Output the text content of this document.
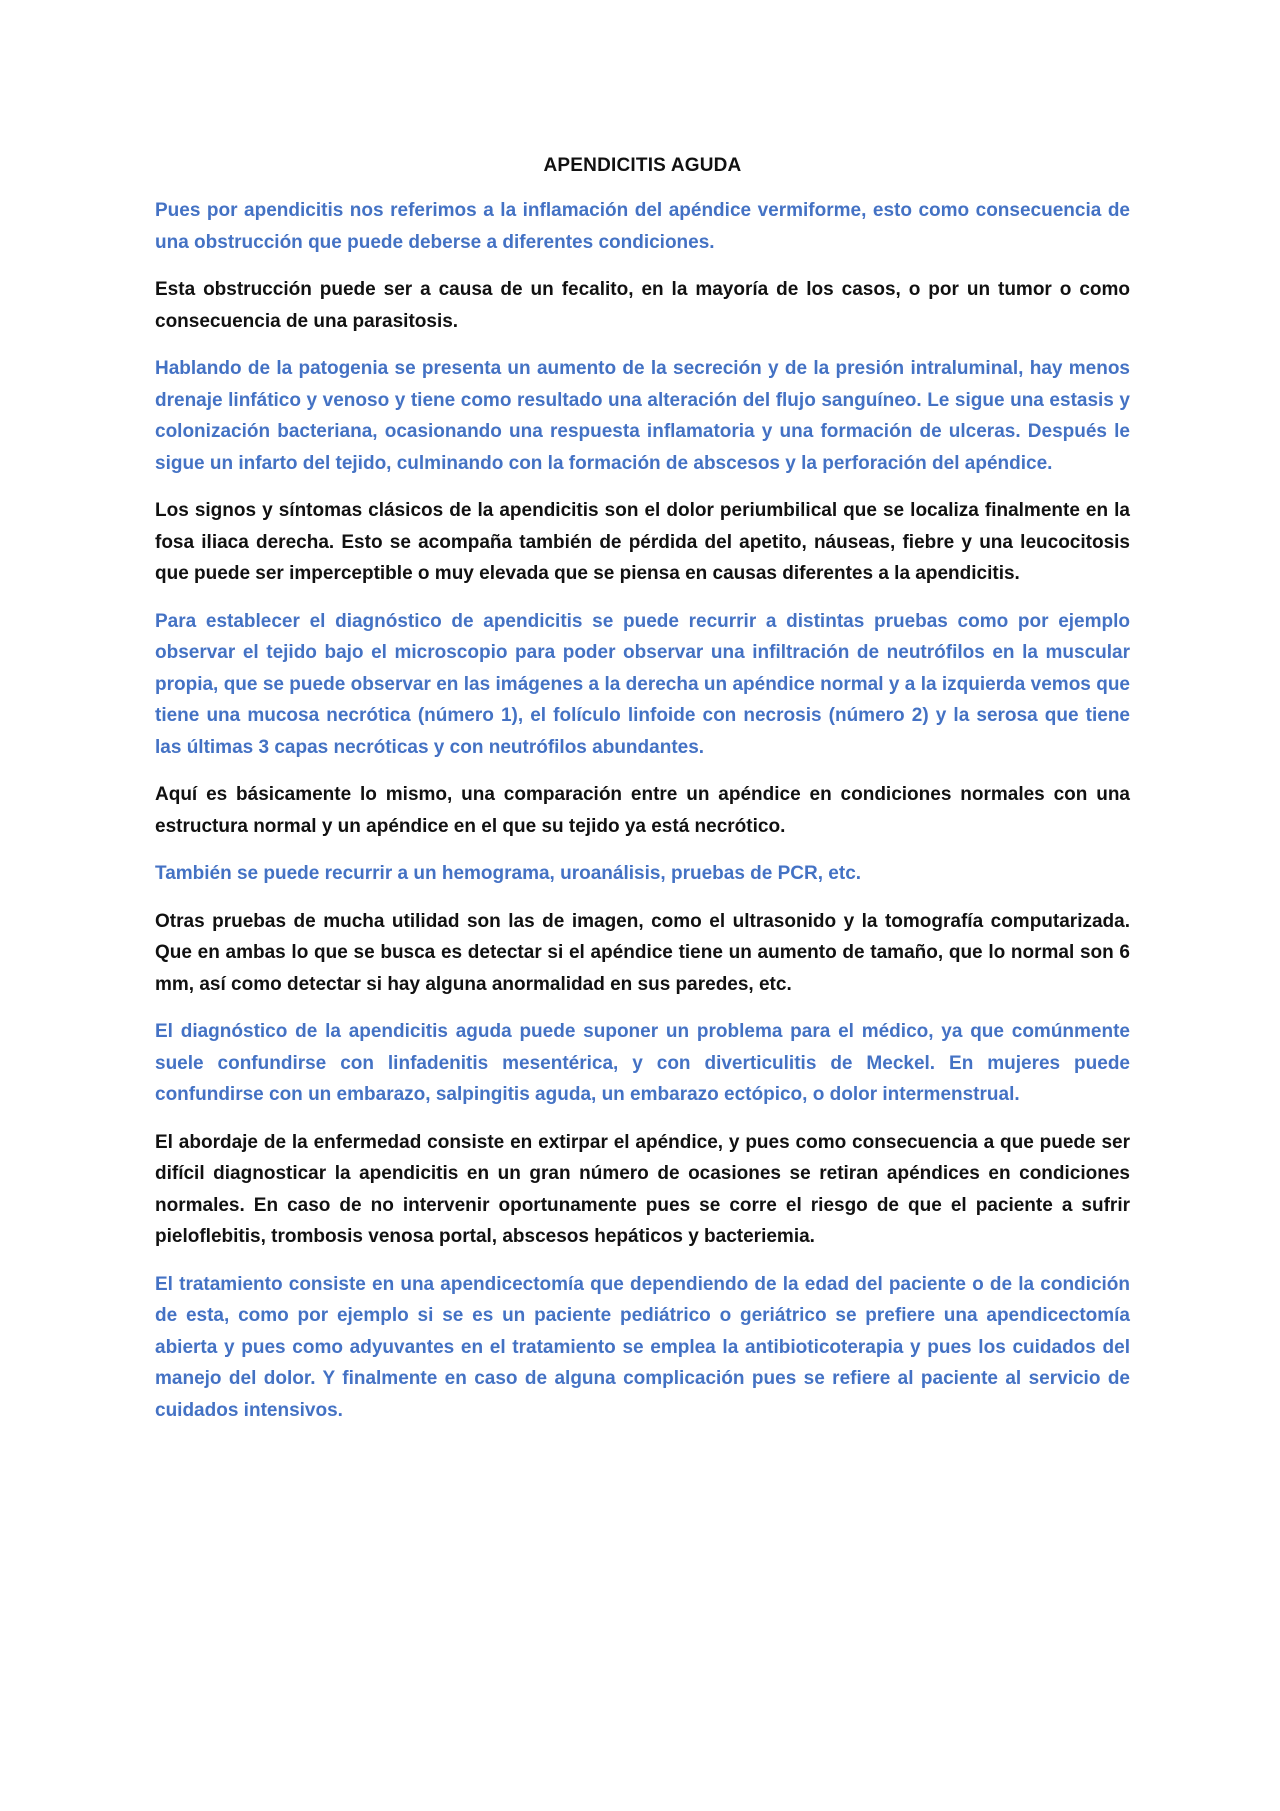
APENDICITIS AGUDA

Pues por apendicitis nos referimos a la inflamación del apéndice vermiforme, esto como consecuencia de una obstrucción que puede deberse a diferentes condiciones.

Esta obstrucción puede ser a causa de un fecalito, en la mayoría de los casos, o por un tumor o como consecuencia de una parasitosis.

Hablando de la patogenia se presenta un aumento de la secreción y de la presión intraluminal, hay menos drenaje linfático y venoso y tiene como resultado una alteración del flujo sanguíneo. Le sigue una estasis y colonización bacteriana, ocasionando una respuesta inflamatoria y una formación de ulceras. Después le sigue un infarto del tejido, culminando con la formación de abscesos y la perforación del apéndice.

Los signos y síntomas clásicos de la apendicitis son el dolor periumbilical que se localiza finalmente en la fosa iliaca derecha. Esto se acompaña también de pérdida del apetito, náuseas, fiebre y una leucocitosis que puede ser imperceptible o muy elevada que se piensa en causas diferentes a la apendicitis.

Para establecer el diagnóstico de apendicitis se puede recurrir a distintas pruebas como por ejemplo observar el tejido bajo el microscopio para poder observar una infiltración de neutrófilos en la muscular propia, que se puede observar en las imágenes a la derecha un apéndice normal y a la izquierda vemos que tiene una mucosa necrótica (número 1), el folículo linfoide con necrosis (número 2) y la serosa que tiene las últimas 3 capas necróticas y con neutrófilos abundantes.

Aquí es básicamente lo mismo, una comparación entre un apéndice en condiciones normales con una estructura normal y un apéndice en el que su tejido ya está necrótico.

También se puede recurrir a un hemograma, uroanálisis, pruebas de PCR, etc.

Otras pruebas de mucha utilidad son las de imagen, como el ultrasonido y la tomografía computarizada. Que en ambas lo que se busca es detectar si el apéndice tiene un aumento de tamaño, que lo normal son 6 mm, así como detectar si hay alguna anormalidad en sus paredes, etc.

El diagnóstico de la apendicitis aguda puede suponer un problema para el médico, ya que comúnmente suele confundirse con linfadenitis mesentérica, y con diverticulitis de Meckel. En mujeres puede confundirse con un embarazo, salpingitis aguda, un embarazo ectópico, o dolor intermenstrual.

El abordaje de la enfermedad consiste en extirpar el apéndice, y pues como consecuencia a que puede ser difícil diagnosticar la apendicitis en un gran número de ocasiones se retiran apéndices en condiciones normales. En caso de no intervenir oportunamente pues se corre el riesgo de que el paciente a sufrir pieloflebitis, trombosis venosa portal, abscesos hepáticos y bacteriemia.

El tratamiento consiste en una apendicectomía que dependiendo de la edad del paciente o de la condición de esta, como por ejemplo si se es un paciente pediátrico o geriátrico se prefiere una apendicectomía abierta y pues como adyuvantes en el tratamiento se emplea la antibioticoterapia y pues los cuidados del manejo del dolor. Y finalmente en caso de alguna complicación pues se refiere al paciente al servicio de cuidados intensivos.
